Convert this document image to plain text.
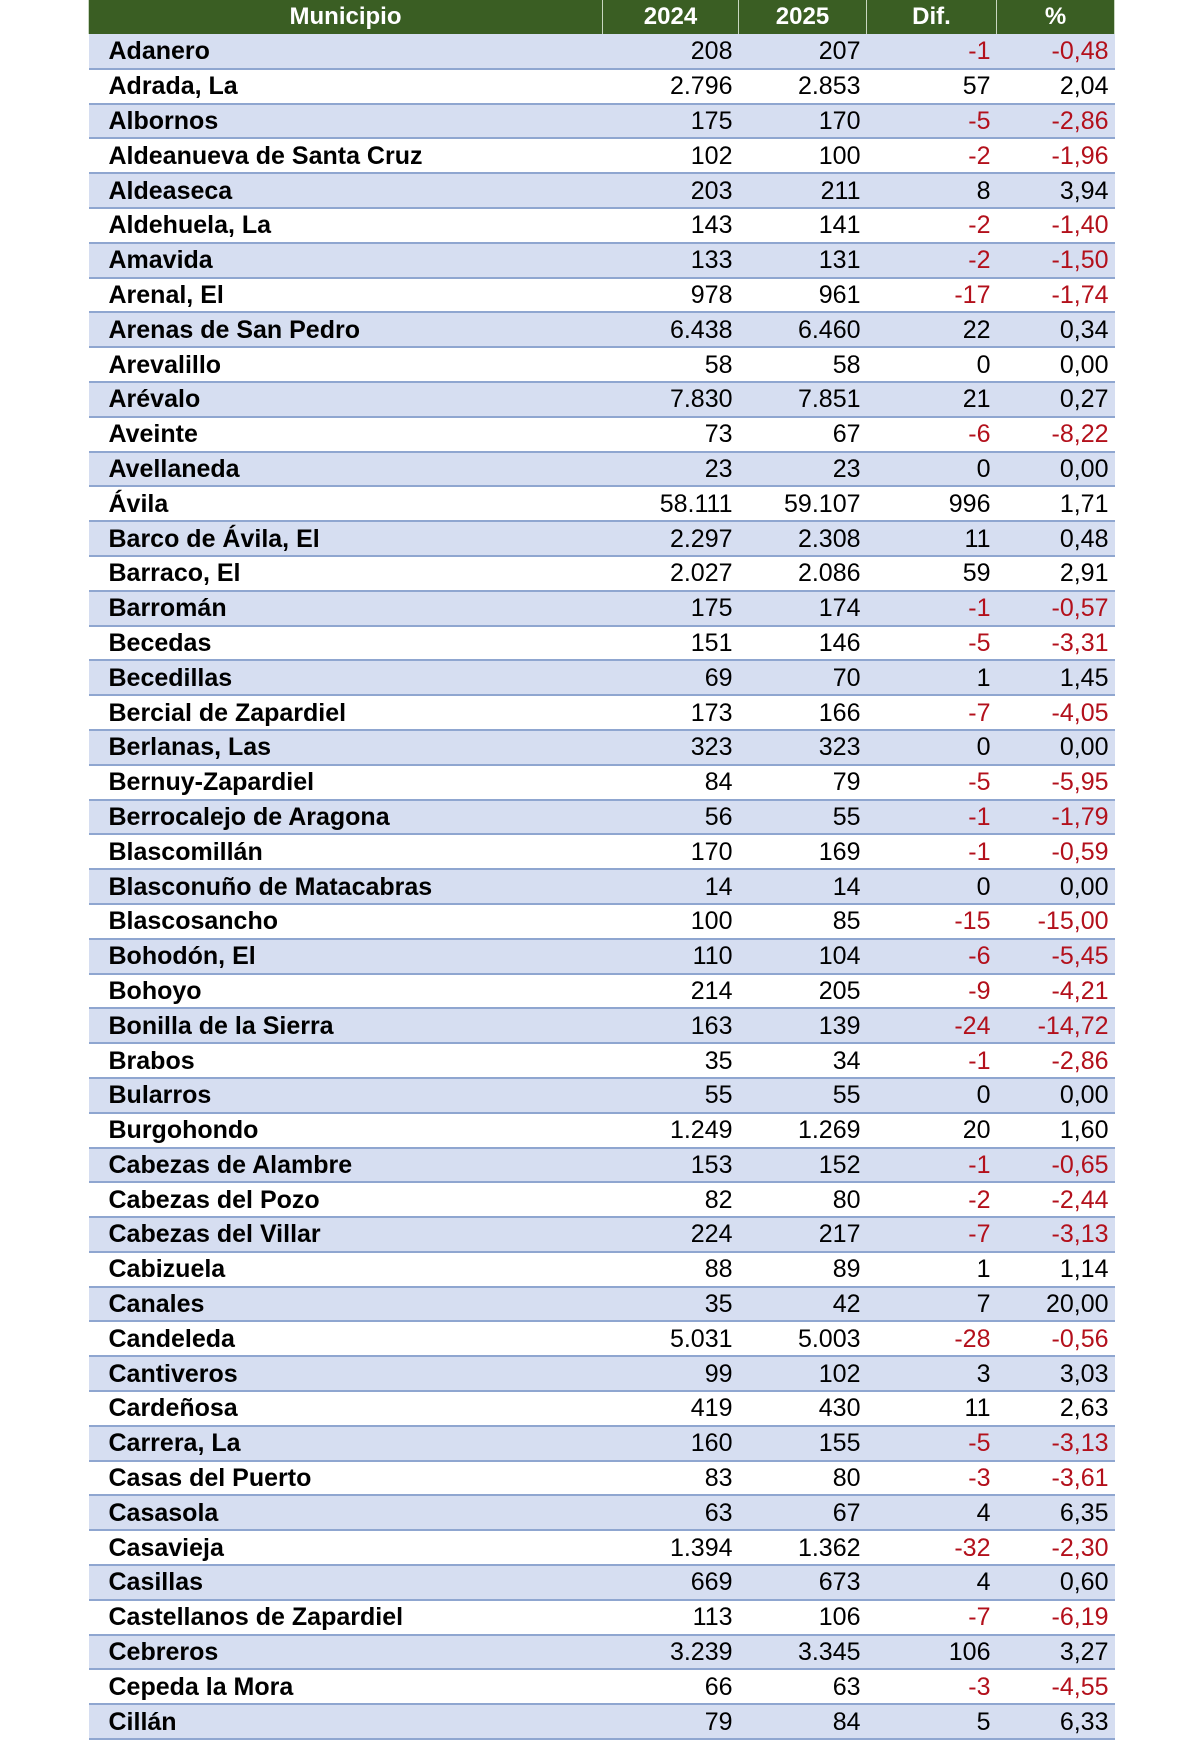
Municipio	2024	2025	Dif.	%
Adanero	208	207	-1	-0,48
Adrada, La	2.796	2.853	57	2,04
Albornos	175	170	-5	-2,86
Aldeanueva de Santa Cruz	102	100	-2	-1,96
Aldeaseca	203	211	8	3,94
Aldehuela, La	143	141	-2	-1,40
Amavida	133	131	-2	-1,50
Arenal, El	978	961	-17	-1,74
Arenas de San Pedro	6.438	6.460	22	0,34
Arevalillo	58	58	0	0,00
Arévalo	7.830	7.851	21	0,27
Aveinte	73	67	-6	-8,22
Avellaneda	23	23	0	0,00
Ávila	58.111	59.107	996	1,71
Barco de Ávila, El	2.297	2.308	11	0,48
Barraco, El	2.027	2.086	59	2,91
Barromán	175	174	-1	-0,57
Becedas	151	146	-5	-3,31
Becedillas	69	70	1	1,45
Bercial de Zapardiel	173	166	-7	-4,05
Berlanas, Las	323	323	0	0,00
Bernuy-Zapardiel	84	79	-5	-5,95
Berrocalejo de Aragona	56	55	-1	-1,79
Blascomillán	170	169	-1	-0,59
Blasconuño de Matacabras	14	14	0	0,00
Blascosancho	100	85	-15	-15,00
Bohodón, El	110	104	-6	-5,45
Bohoyo	214	205	-9	-4,21
Bonilla de la Sierra	163	139	-24	-14,72
Brabos	35	34	-1	-2,86
Bularros	55	55	0	0,00
Burgohondo	1.249	1.269	20	1,60
Cabezas de Alambre	153	152	-1	-0,65
Cabezas del Pozo	82	80	-2	-2,44
Cabezas del Villar	224	217	-7	-3,13
Cabizuela	88	89	1	1,14
Canales	35	42	7	20,00
Candeleda	5.031	5.003	-28	-0,56
Cantiveros	99	102	3	3,03
Cardeñosa	419	430	11	2,63
Carrera, La	160	155	-5	-3,13
Casas del Puerto	83	80	-3	-3,61
Casasola	63	67	4	6,35
Casavieja	1.394	1.362	-32	-2,30
Casillas	669	673	4	0,60
Castellanos de Zapardiel	113	106	-7	-6,19
Cebreros	3.239	3.345	106	3,27
Cepeda la Mora	66	63	-3	-4,55
Cillán	79	84	5	6,33
